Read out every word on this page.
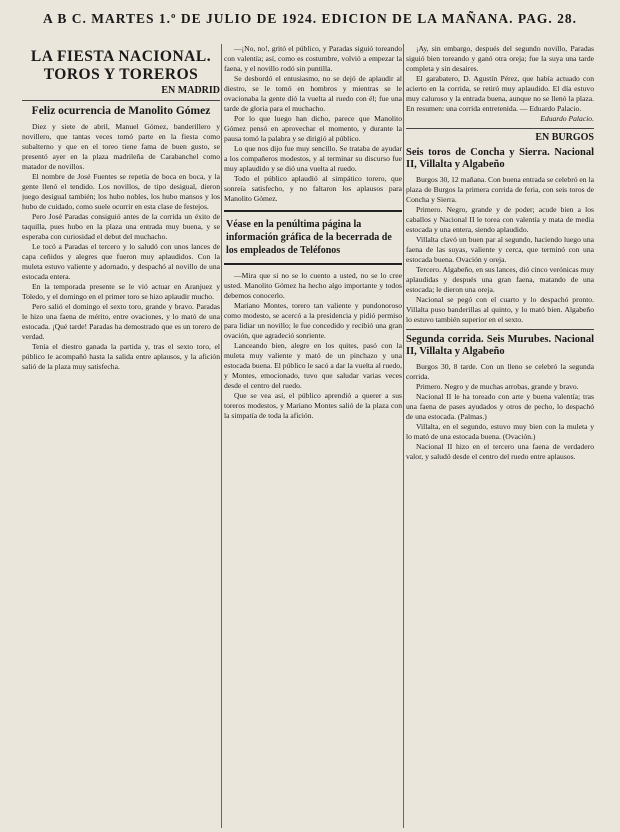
A B C. MARTES 1.º DE JULIO DE 1924. EDICION DE LA MAÑANA. PAG. 28.
LA FIESTA NACIONAL. TOROS Y TOREROS
EN MADRID
Feliz ocurrencia de Manolito Gómez

Diez y siete de abril, Manuel Gómez, banderillero y novillero, que tantas veces tomó parte en la fiesta como subalterno y que en el toreo tiene fama de buen gusto, se presentó ayer en la plaza madrileña de Carabanchel como matador de novillos.

El nombre de José Fuentes se repetía de boca en boca, y la gente llenó el tendido. Los novillos, de tipo desigual, dieron juego desigual también; los hubo nobles, los hubo mansos y los hubo de cuidado, como suele ocurrir en esta clase de festejos.

Pero José Paradas consiguió antes de la corrida un éxito de taquilla, pues hubo en la plaza una entrada muy buena, y se esperaba con curiosidad el debut del muchacho.

Le tocó a Paradas el tercero y lo saludó con unos lances de capa ceñidos y alegres que fueron muy aplaudidos. Con la muleta estuvo valiente y adornado, y despachó al novillo de una estocada entera.

En la temporada presente se le vió actuar en Aranjuez y Toledo, y el domingo en el primer toro se hizo aplaudir mucho.

Pero salió el domingo el sexto toro, grande y bravo. Paradas le hizo una faena de mérito, entre ovaciones, y lo mató de una estocada. ¡Qué tarde! Paradas ha demostrado que es un torero de verdad.

Tenía el diestro ganada la partida y, tras el sexto toro, el público le acompañó hasta la salida entre aplausos, y la afición salió de la plaza muy satisfecha.

—¡No, no!, gritó el público, y Paradas siguió toreando con valentía; así, como es costumbre, volvió a empezar la faena, y el novillo rodó sin puntilla.

Se desbordó el entusiasmo, no se dejó de aplaudir al diestro, se le tomó en hombros y mientras se le ovacionaba la gente dió la vuelta al ruedo con él; fue una tarde de gloria para el muchacho.

Por lo que luego han dicho, parece que Manolito Gómez pensó en aprovechar el momento, y durante la pausa tomó la palabra y se dirigió al público.

Lo que nos dijo fue muy sencillo. Se trataba de ayudar a los compañeros modestos, y al terminar su discurso fue muy aplaudido y se dió una vuelta al ruedo.

Todo el público aplaudió al simpático torero, que sonreía satisfecho, y no faltaron los aplausos para Manolito Gómez.

Véase en la penúltima página la información gráfica de la becerrada de los empleados de Teléfonos

—Mira que si no se lo cuento a usted, no se lo cree usted. Manolito Gómez ha hecho algo importante y todos debemos conocerlo.

Mariano Montes, torero tan valiente y pundonoroso como modesto, se acercó a la presidencia y pidió permiso para lidiar un novillo; le fue concedido y recibió una gran ovación, que agradeció sonriente.

Lanceando bien, alegre en los quites, pasó con la muleta muy valiente y mató de un pinchazo y una estocada buena. El público le sacó a dar la vuelta al ruedo, y Montes, emocionado, tuvo que saludar varias veces desde el centro del ruedo.

Que se vea así, el público aprendió a querer a sus toreros modestos, y Mariano Montes salió de la plaza con la simpatía de toda la afición.

¡Ay, sin embargo, después del segundo novillo, Paradas siguió bien toreando y ganó otra oreja; fue la suya una tarde completa y sin desaires.

El garabatero, D. Agustín Pérez, que había actuado con acierto en la corrida, se retiró muy aplaudido. El día estuvo muy caluroso y la entrada buena, aunque no se llenó la plaza. En resumen: una corrida entretenida. — Eduardo Palacio.

Eduardo Palacio.
EN BURGOS
Seis toros de Concha y Sierra. Nacional II, Villalta y Algabeño

Burgos 30, 12 mañana. Con buena entrada se celebró en la plaza de Burgos la primera corrida de feria, con seis toros de Concha y Sierra.

Primero. Negro, grande y de poder; acude bien a los caballos y Nacional II le torea con valentía y mata de media estocada y una entera, siendo aplaudido.

Villalta clavó un buen par al segundo, haciendo luego una faena de las suyas, valiente y cerca, que terminó con una estocada buena. Ovación y oreja.

Tercero. Algabeño, en sus lances, dió cinco verónicas muy aplaudidas y después una gran faena, matando de una estocada; le dieron una oreja.

Nacional se pegó con el cuarto y lo despachó pronto. Villalta puso banderillas al quinto, y lo mató bien. Algabeño lo estuvo también superior en el sexto.

Segunda corrida. Seis Murubes. Nacional II, Villalta y Algabeño

Burgos 30, 8 tarde. Con un lleno se celebró la segunda corrida.

Primero. Negro y de muchas arrobas, grande y bravo.

Nacional II le ha toreado con arte y buena valentía; tras una faena de pases ayudados y otros de pecho, lo despachó de una estocada. (Palmas.)

Villalta, en el segundo, estuvo muy bien con la muleta y lo mató de una estocada buena. (Ovación.)

Nacional II hizo en el tercero una faena de verdadero valor, y saludó desde el centro del ruedo entre aplausos.
